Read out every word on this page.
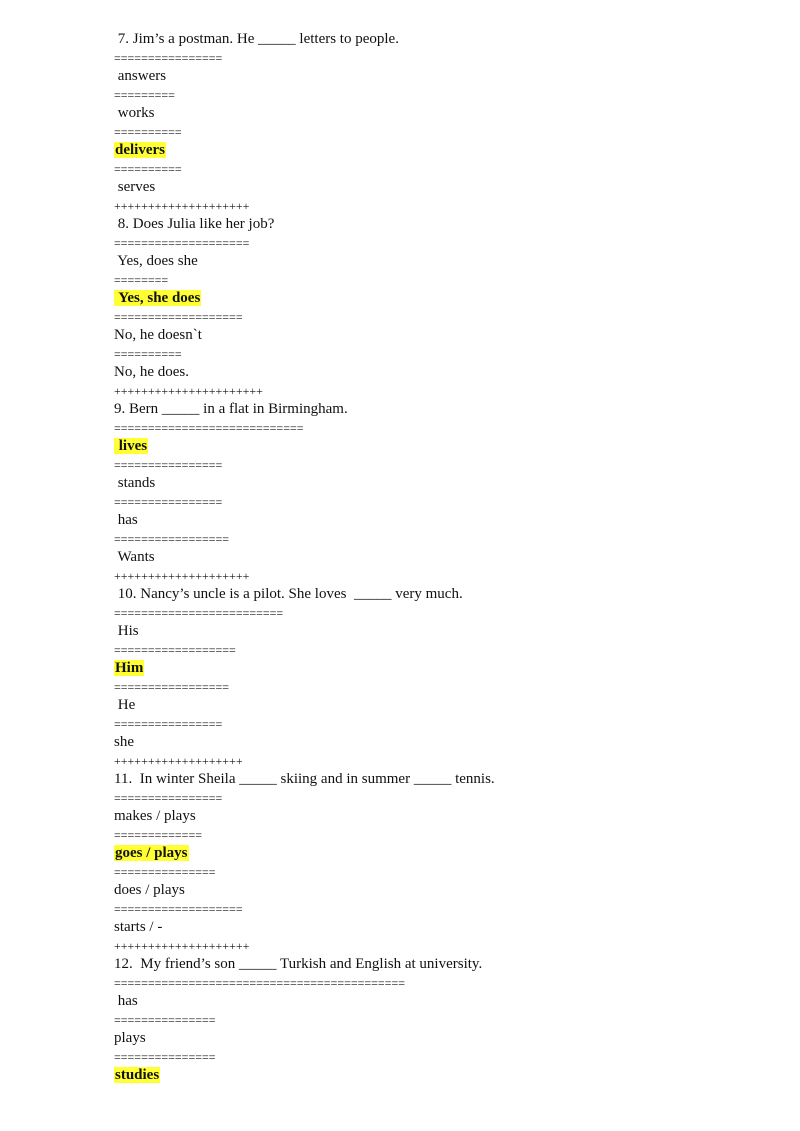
7. Jim’s a postman. He _____ letters to people.
================
answers
=========
works
==========
delivers
==========
serves
++++++++++++++++++++
8. Does Julia like her job?
====================
Yes, does she
========
Yes, she does
===================
No, he doesn`t
==========
No, he does.
++++++++++++++++++++++
9. Bern _____ in a flat in Birmingham.
============================
lives
================
stands
================
has
=================
Wants
++++++++++++++++++++
10. Nancy’s uncle is a pilot. She loves  _____ very much.
=========================
His
==================
Him
=================
He
================
she
+++++++++++++++++++
11.  In winter Sheila _____ skiing and in summer _____ tennis.
================
makes / plays
=============
goes / plays
===============
does / plays
===================
starts / -
++++++++++++++++++++
12.  My friend’s son _____ Turkish and English at university.
===========================================
has
===============
plays
===============
studies
